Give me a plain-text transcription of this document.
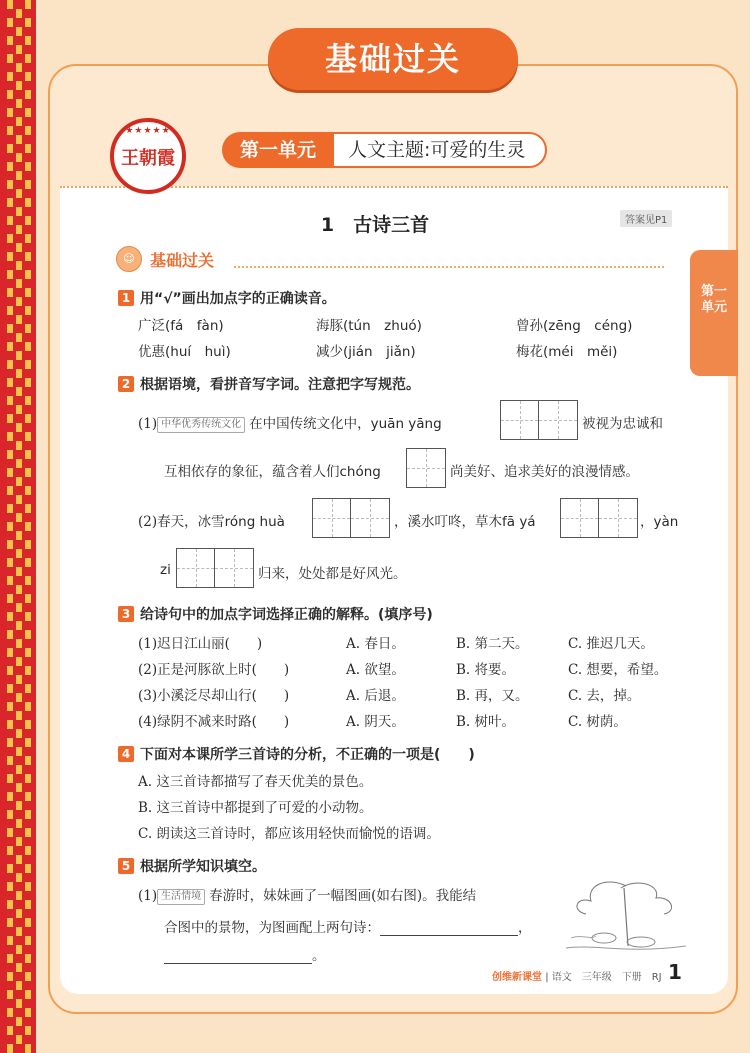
基础过关
★★★★★
王朝霞	第一单元	人文主题:可爱的生灵
第一
单元
1　古诗三首	答案见P1
☺ 基础过关
1 用“√”画出加点字的正确读音。
广泛(fá　fàn)	海豚(tún　zhuó)	曾孙(zēng　céng)
优惠(huí　huì)	减少(jián　jiǎn)	梅花(méi　měi)
2 根据语境，看拼音写字词。注意把字写规范。
(1) 中华优秀传统文化 在中国传统文化中，yuān yāng	被视为忠诚和
互相依存的象征，蕴含着人们chóng	尚美好、追求美好的浪漫情感。
(2)春天，冰雪róng huà	，溪水叮咚，草木fā yá	，yàn
zi	归来，处处都是好风光。
3 给诗句中的加点字词选择正确的解释。(填序号)
(1)迟日江山丽(　　)	A. 春日。	B. 第二天。	C. 推迟几天。
(2)正是河豚欲上时(　　)	A. 欲望。	B. 将要。	C. 想要，希望。
(3)小溪泛尽却山行(　　)	A. 后退。	B. 再，又。	C. 去，掉。
(4)绿阴不减来时路(　　)	A. 阴天。	B. 树叶。	C. 树荫。
4 下面对本课所学三首诗的分析，不正确的一项是(　　)
A. 这三首诗都描写了春天优美的景色。
B. 这三首诗中都提到了可爱的小动物。
C. 朗读这三首诗时，都应该用轻快而愉悦的语调。
5 根据所学知识填空。
(1) 生活情境 春游时，妹妹画了一幅图画(如右图)。我能结
合图中的景物，为图画配上两句诗：	，
。
创维新课堂 | 语文　三年级　下册　RJ 1
